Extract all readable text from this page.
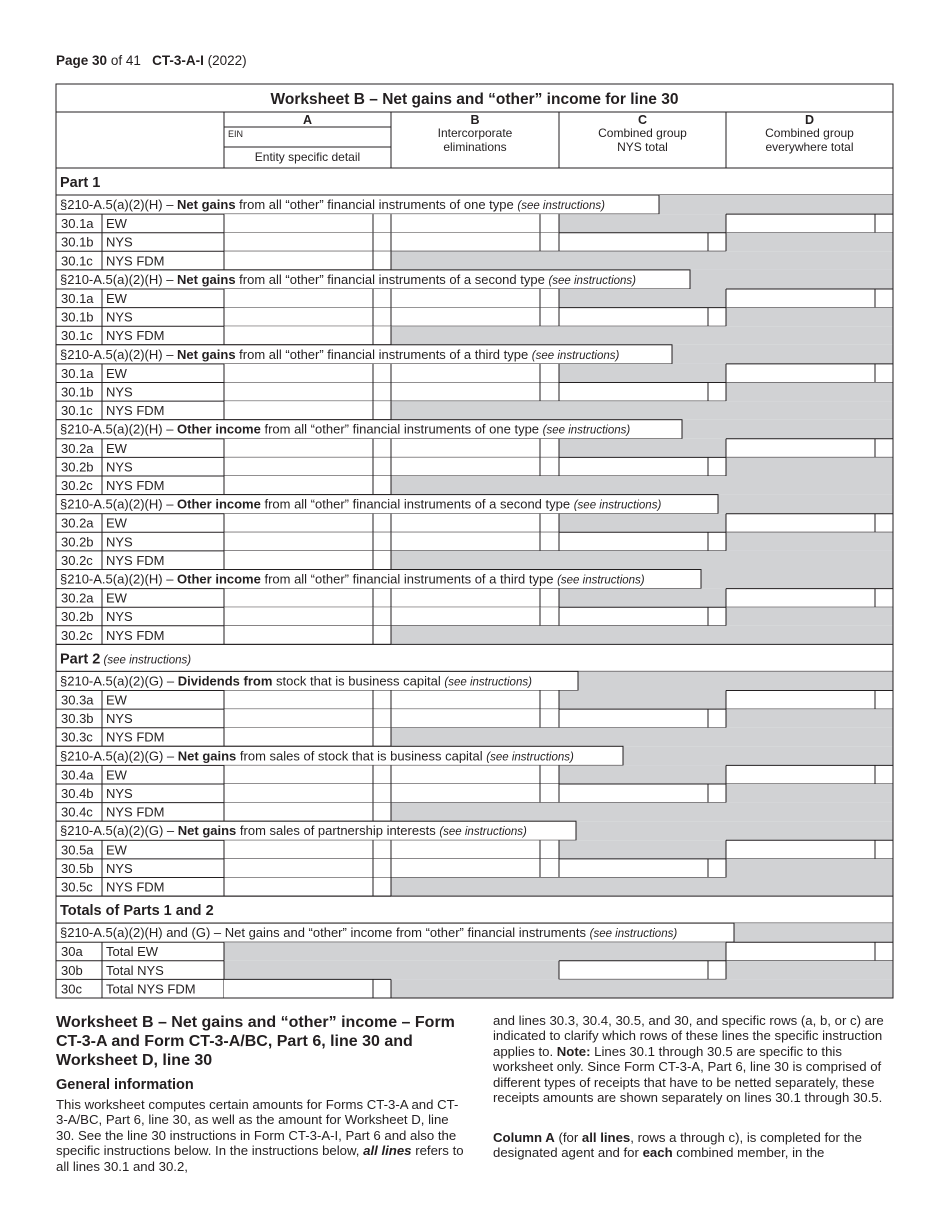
Page 30 of 41 CT-3-A-I (2022)
Worksheet B – Net gains and “other” income for line 30
A
EIN
Entity specific detail
B
Intercorporate
eliminations
C
Combined group
NYS total
D
Combined group
everywhere total
Part 1
§210-A.5(a)(2)(H) – Net gains from all “other” financial instruments of one type (see instructions)
30.1a EW
30.1b NYS
30.1c NYS FDM
§210-A.5(a)(2)(H) – Net gains from all “other” financial instruments of a second type (see instructions)
30.1a EW
30.1b NYS
30.1c NYS FDM
§210-A.5(a)(2)(H) – Net gains from all “other” financial instruments of a third type (see instructions)
30.1a EW
30.1b NYS
30.1c NYS FDM
§210-A.5(a)(2)(H) – Other income from all “other” financial instruments of one type (see instructions)
30.2a EW
30.2b NYS
30.2c NYS FDM
§210-A.5(a)(2)(H) – Other income from all “other” financial instruments of a second type (see instructions)
30.2a EW
30.2b NYS
30.2c NYS FDM
§210-A.5(a)(2)(H) – Other income from all “other” financial instruments of a third type (see instructions)
30.2a EW
30.2b NYS
30.2c NYS FDM
Part 2 (see instructions)
§210-A.5(a)(2)(G) – Dividends from stock that is business capital (see instructions)
30.3a EW
30.3b NYS
30.3c NYS FDM
§210-A.5(a)(2)(G) – Net gains from sales of stock that is business capital (see instructions)
30.4a EW
30.4b NYS
30.4c NYS FDM
§210-A.5(a)(2)(G) – Net gains from sales of partnership interests (see instructions)
30.5a EW
30.5b NYS
30.5c NYS FDM
Totals of Parts 1 and 2
§210-A.5(a)(2)(H) and (G) – Net gains and “other” income from “other” financial instruments (see instructions)
30a Total EW
30b Total NYS
30c Total NYS FDM
Worksheet B – Net gains and “other” income – Form CT-3-A and Form CT-3-A/BC, Part 6, line 30 and Worksheet D, line 30
General information
This worksheet computes certain amounts for Forms CT-3-A and CT-3-A/BC, Part 6, line 30, as well as the amount for Worksheet D, line 30. See the line 30 instructions in Form CT-3-A-I, Part 6 and also the specific instructions below. In the instructions below, all lines refers to all lines 30.1 and 30.2,
and lines 30.3, 30.4, 30.5, and 30, and specific rows (a, b, or c) are indicated to clarify which rows of these lines the specific instruction applies to. Note: Lines 30.1 through 30.5 are specific to this worksheet only. Since Form CT-3-A, Part 6, line 30 is comprised of different types of receipts that have to be netted separately, these receipts amounts are shown separately on lines 30.1 through 30.5.
Column A (for all lines, rows a through c), is completed for the designated agent and for each combined member, in the
